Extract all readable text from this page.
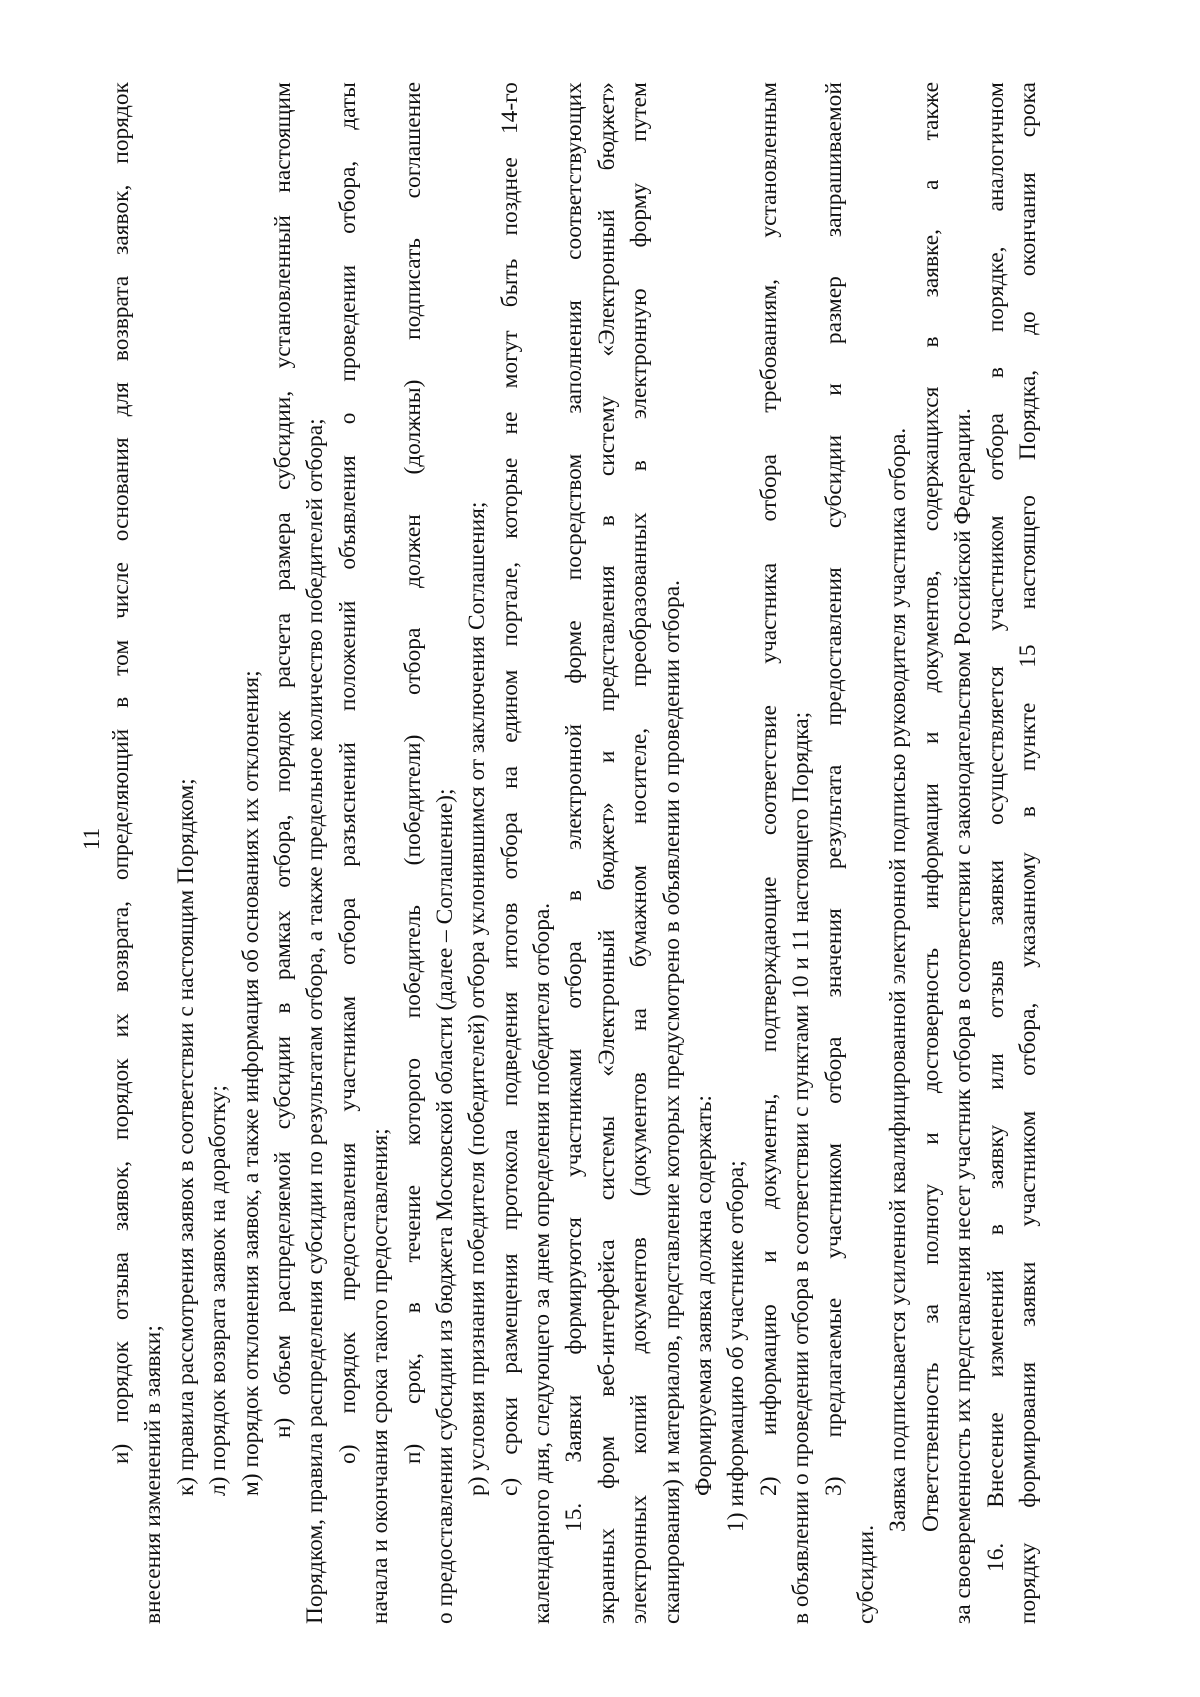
11
и)
порядок
отзыва
заявок,
порядок
их
возврата,
определяющий
в
том
числе
основания
для
возврата
заявок,
порядок
внесения изменений в заявки; к) правила рассмотрения заявок в соответствии с настоящим Порядком; л) порядок возврата заявок на доработку; м) порядок отклонения заявок, а также информация об основаниях их отклонения; н)
объем
распределяемой
субсидии
в
рамках
отбора,
порядок
расчета
размера
субсидии,
установленный
настоящим
Порядком, правила распределения субсидии по результатам отбора, а также предельное количество победителей отбора; о)
порядок
предоставления
участникам
отбора
разъяснений
положений
объявления
о
проведении
отбора,
даты
начала и окончания срока такого предоставления; п)
срок,
в
течение
которого
победитель
(победители)
отбора
должен
(должны)
подписать
соглашение
о предоставлении субсидии из бюджета Московской области (далее – Соглашение); р) условия признания победителя (победителей) отбора уклонившимся от заключения Соглашения; с)
сроки
размещения
протокола
подведения
итогов
отбора
на
едином
портале,
которые
не
могут
быть
позднее
14-го
календарного дня, следующего за днем определения победителя отбора. 15.
Заявки
формируются
участниками
отбора
в
электронной
форме
посредством
заполнения
соответствующих
экранных
форм
веб-интерфейса
системы
«Электронный
бюджет»
и
представления
в
систему
«Электронный
бюджет»
электронных
копий
документов
(документов
на
бумажном
носителе,
преобразованных
в
электронную
форму
путем
сканирования) и материалов, представление которых предусмотрено в объявлении о проведении отбора. Формируемая заявка должна содержать: 1) информацию об участнике отбора; 2)
информацию
и
документы,
подтверждающие
соответствие
участника
отбора
требованиям,
установленным
в объявлении о проведении отбора в соответствии с пунктами 10 и 11 настоящего Порядка; 3)
предлагаемые
участником
отбора
значения
результата
предоставления
субсидии
и
размер
запрашиваемой
субсидии.
Заявка подписывается усиленной квалифицированной электронной подписью руководителя участника отбора. Ответственность
за
полноту
и
достоверность
информации
и
документов,
содержащихся
в
заявке,
а
также
за своевременность их представления несет участник отбора в соответствии с законодательством Российской Федерации. 16.
Внесение
изменений
в
заявку
или
отзыв
заявки
осуществляется
участником
отбора
в
порядке,
аналогичном
порядку
формирования
заявки
участником
отбора,
указанному
в
пункте
15
настоящего
Порядка,
до
окончания
срока
